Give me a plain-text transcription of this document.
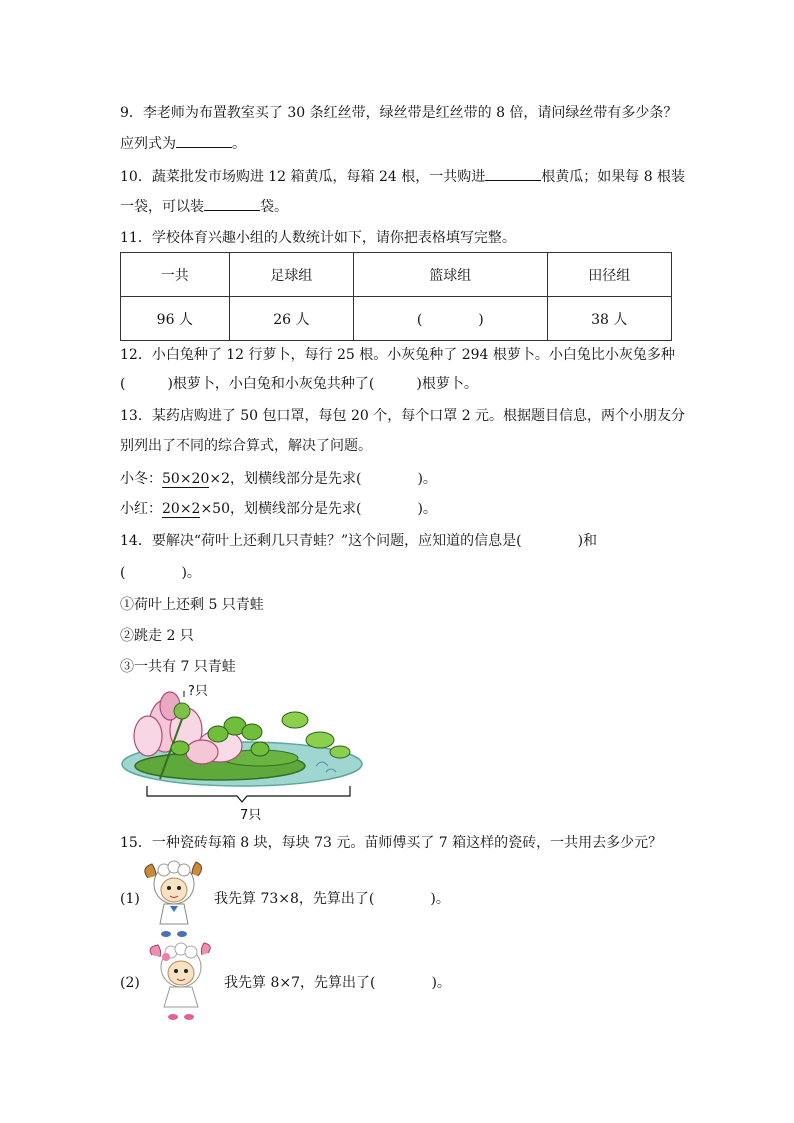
9．李老师为布置教室买了 30 条红丝带，绿丝带是红丝带的 8 倍，请问绿丝带有多少条？
应列式为	。
10．蔬菜批发市场购进 12 箱黄瓜，每箱 24 根，一共购进	根黄瓜；如果每 8 根装
一袋，可以装	袋。
11．学校体育兴趣小组的人数统计如下，请你把表格填写完整。
一共	足球组	篮球组	田径组
96 人	26 人	(　　　　)	38 人
12．小白兔种了 12 行萝卜，每行 25 根。小灰兔种了 294 根萝卜。小白兔比小灰兔多种
(　　　)根萝卜，小白兔和小灰兔共种了(　　　)根萝卜。
13．某药店购进了 50 包口罩，每包 20 个，每个口罩 2 元。根据题目信息，两个小朋友分
别列出了不同的综合算式，解决了问题。
小冬：50×20×2，划横线部分是先求(　　　　)。
小红：20×2×50，划横线部分是先求(　　　　)。
14．要解决“荷叶上还剩几只青蛙？”这个问题，应知道的信息是(　　　　)和
(　　　　)。
①荷叶上还剩 5 只青蛙
②跳走 2 只
③一共有 7 只青蛙
?只
7只
15．一种瓷砖每箱 8 块，每块 73 元。苗师傅买了 7 箱这样的瓷砖，一共用去多少元？
(1)	我先算 73×8，先算出了(　　　　)。
(2)	我先算 8×7，先算出了(　　　　)。
